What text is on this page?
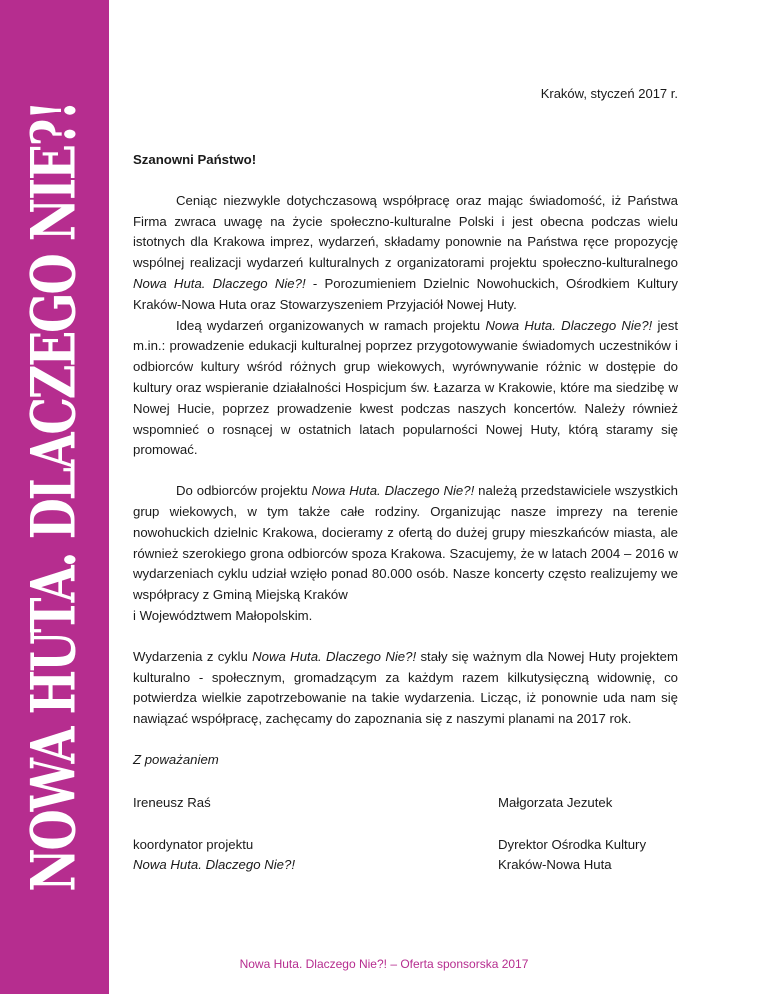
NOWA HUTA. DLACZEGO NIE?!
Kraków, styczeń 2017 r.

Szanowni Państwo!

Ceniąc niezwykle dotychczasową współpracę oraz mając świadomość, iż Państwa Firma zwraca uwagę na życie społeczno-kulturalne Polski i jest obecna podczas wielu istotnych dla Krakowa imprez, wydarzeń, składamy ponownie na Państwa ręce propozycję wspólnej realizacji wydarzeń kulturalnych z organizatorami projektu społeczno-kulturalnego Nowa Huta. Dlaczego Nie?! - Porozumieniem Dzielnic Nowohuckich, Ośrodkiem Kultury Kraków-Nowa Huta oraz Stowarzyszeniem Przyjaciół Nowej Huty.

Ideą wydarzeń organizowanych w ramach projektu Nowa Huta. Dlaczego Nie?! jest m.in.: prowadzenie edukacji kulturalnej poprzez przygotowywanie świadomych uczestników i odbiorców kultury wśród różnych grup wiekowych, wyrównywanie różnic w dostępie do kultury oraz wspieranie działalności Hospicjum św. Łazarza w Krakowie, które ma siedzibę w Nowej Hucie, poprzez prowadzenie kwest podczas naszych koncertów. Należy również wspomnieć o rosnącej w ostatnich latach popularności Nowej Huty, którą staramy się promować.

Do odbiorców projektu Nowa Huta. Dlaczego Nie?! należą przedstawiciele wszystkich grup wiekowych, w tym także całe rodziny. Organizując nasze imprezy na terenie nowohuckich dzielnic Krakowa, docieramy z ofertą do dużej grupy mieszkańców miasta, ale również szerokiego grona odbiorców spoza Krakowa. Szacujemy, że w latach 2004 – 2016 w wydarzeniach cyklu udział wzięło ponad 80.000 osób. Nasze koncerty często realizujemy we współpracy z Gminą Miejską Kraków

i Województwem Małopolskim.

Wydarzenia z cyklu Nowa Huta. Dlaczego Nie?! stały się ważnym dla Nowej Huty projektem kulturalno - społecznym, gromadzącym za każdym razem kilkutysięczną widownię, co potwierdza wielkie zapotrzebowanie na takie wydarzenia. Licząc, iż ponownie uda nam się nawiązać współpracę, zachęcamy do zapoznania się z naszymi planami na 2017 rok.

Z poważaniem

Ireneusz Raś	Małgorzata Jezutek

koordynator projektu

Nowa Huta. Dlaczego Nie?!

Dyrektor Ośrodka Kultury

Kraków-Nowa Huta

Nowa Huta. Dlaczego Nie?! – Oferta sponsorska 2017
